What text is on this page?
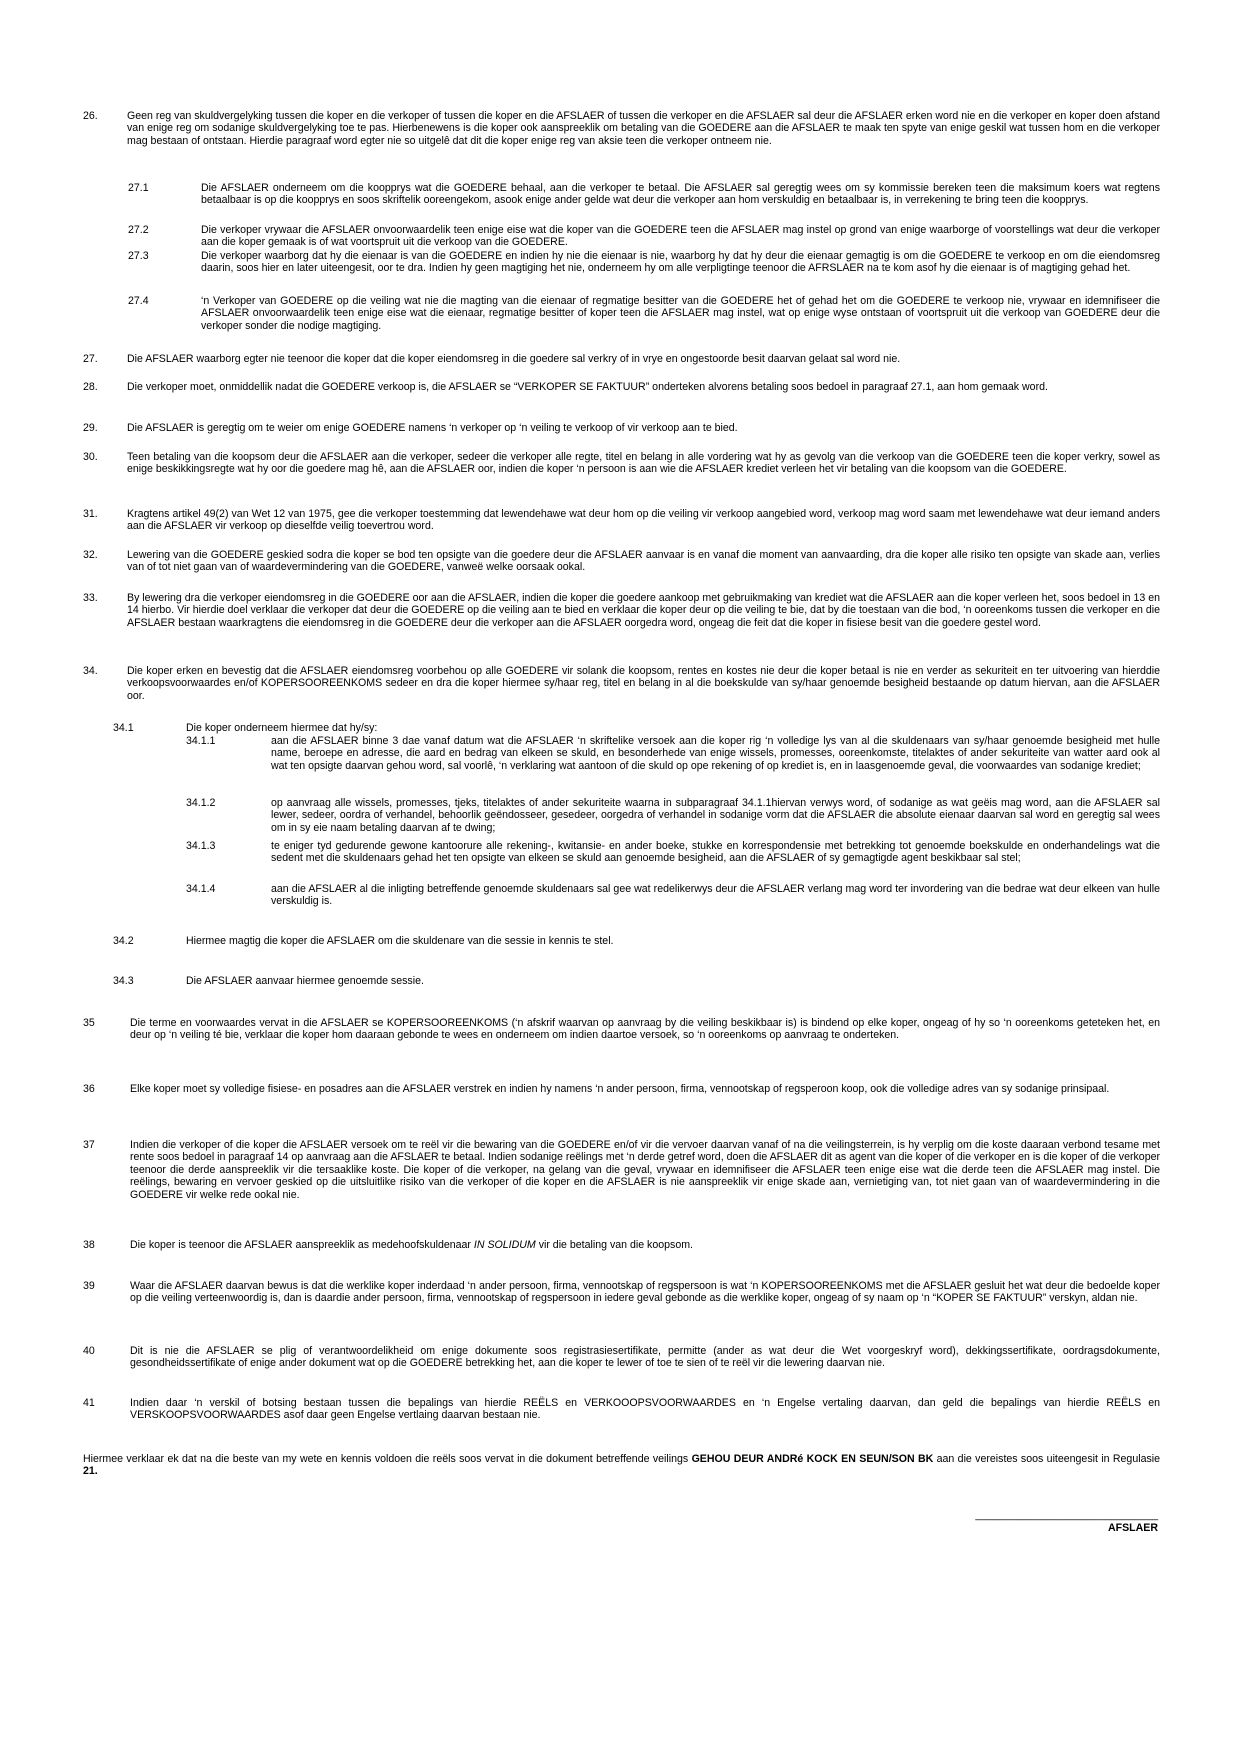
26.	Geen reg van skuldvergelyking tussen die koper en die verkoper of tussen die koper en die AFSLAER of tussen die verkoper en die AFSLAER sal deur die AFSLAER erken word nie en die verkoper en koper doen afstand van enige reg om sodanige skuldvergelyking toe te pas. Hierbenewens is die koper ook aanspreeklik om betaling van die GOEDERE aan die AFSLAER te maak ten spyte van enige geskil wat tussen hom en die verkoper mag bestaan of ontstaan. Hierdie paragraaf word egter nie so uitgelê dat dit die koper enige reg van aksie teen die verkoper ontneem nie.
27.1	Die AFSLAER onderneem om die koopprys wat die GOEDERE behaal, aan die verkoper te betaal. Die AFSLAER sal geregtig wees om sy kommissie bereken teen die maksimum koers wat regtens betaalbaar is op die koopprys en soos skriftelik ooreengekom, asook enige ander gelde wat deur die verkoper aan hom verskuldig en betaalbaar is, in verrekening te bring teen die koopprys.
27.2	Die verkoper vrywaar die AFSLAER onvoorwaardelik teen enige eise wat die koper van die GOEDERE teen die AFSLAER mag instel op grond van enige waarborge of voorstellings wat deur die verkoper aan die koper gemaak is of wat voortspruit uit die verkoop van die GOEDERE.
27.3	Die verkoper waarborg dat hy die eienaar is van die GOEDERE en indien hy nie die eienaar is nie, waarborg hy dat hy deur die eienaar gemagtig is om die GOEDERE te verkoop en om die eiendomsreg daarin, soos hier en later uiteengesit, oor te dra. Indien hy geen magtiging het nie, onderneem hy om alle verpligtinge teenoor die AFRSLAER na te kom asof hy die eienaar is of magtiging gehad het.
27.4	‘n Verkoper van GOEDERE op die veiling wat nie die magting van die eienaar of regmatige besitter van die GOEDERE het of gehad het om die GOEDERE te verkoop nie, vrywaar en idemnifiseer die AFSLAER onvoorwaardelik teen enige eise wat die eienaar, regmatige besitter of koper teen die AFSLAER mag instel, wat op enige wyse ontstaan of voortspruit uit die verkoop van GOEDERE deur die verkoper sonder die nodige magtiging.
27.	Die AFSLAER waarborg egter nie teenoor die koper dat die koper eiendomsreg in die goedere sal verkry of in vrye en ongestoorde besit daarvan gelaat sal word nie.
28.	Die verkoper moet, onmiddellik nadat die GOEDERE verkoop is, die AFSLAER se “VERKOPER SE FAKTUUR” onderteken alvorens betaling soos bedoel in paragraaf 27.1, aan hom gemaak word.
29.	Die AFSLAER is geregtig om te weier om enige GOEDERE namens ‘n verkoper op ‘n veiling te verkoop of vir verkoop aan te bied.
30.	Teen betaling van die koopsom deur die AFSLAER aan die verkoper, sedeer die verkoper alle regte, titel en belang in alle vordering wat hy as gevolg van die verkoop van die GOEDERE teen die koper verkry, sowel as enige beskikkingsregte wat hy oor die goedere mag hê, aan die AFSLAER oor, indien die koper ‘n persoon is aan wie die AFSLAER krediet verleen het vir betaling van die koopsom van die GOEDERE.
31.	Kragtens artikel 49(2) van Wet 12 van 1975, gee die verkoper toestemming dat lewendehawe wat deur hom op die veiling vir verkoop aangebied word, verkoop mag word saam met lewendehawe wat deur iemand anders aan die AFSLAER vir verkoop op dieselfde veilig toevertrou word.
32.	Lewering van die GOEDERE geskied sodra die koper se bod ten opsigte van die goedere deur die AFSLAER aanvaar is en vanaf die moment van aanvaarding, dra die koper alle risiko ten opsigte van skade aan, verlies van of tot niet gaan van of waardevermindering van die GOEDERE, vanweë welke oorsaak ookal.
33.	By lewering dra die verkoper eiendomsreg in die GOEDERE oor aan die AFSLAER, indien die koper die goedere aankoop met gebruikmaking van krediet wat die AFSLAER aan die koper verleen het, soos bedoel in 13 en 14 hierbo. Vir hierdie doel verklaar die verkoper dat deur die GOEDERE op die veiling aan te bied en verklaar die koper deur op die veiling te bie, dat by die toestaan van die bod, ‘n ooreenkoms tussen die verkoper en die AFSLAER bestaan waarkragtens die eiendomsreg in die GOEDERE deur die verkoper aan die AFSLAER oorgedra word, ongeag die feit dat die koper in fisiese besit van die goedere gestel word.
34.	Die koper erken en bevestig dat die AFSLAER eiendomsreg voorbehou op alle GOEDERE vir solank die koopsom, rentes en kostes nie deur die koper betaal is nie en verder as sekuriteit en ter uitvoering van hierddie verkoopsvoorwaardes en/of KOPERSOOREENKOMS sedeer en dra die koper hiermee sy/haar reg, titel en belang in al die boekskulde van sy/haar genoemde besigheid bestaande op datum hiervan, aan die AFSLAER oor.
34.1	Die koper onderneem hiermee dat hy/sy:
34.1.1	aan die AFSLAER binne 3 dae vanaf datum wat die AFSLAER ‘n skriftelike versoek aan die koper rig ‘n volledige lys van al die skuldenaars van sy/haar genoemde besigheid met hulle name, beroepe en adresse, die aard en bedrag van elkeen se skuld, en besonderhede van enige wissels, promesses, ooreenkomste, titelaktes of ander sekuriteite van watter aard ook al wat ten opsigte daarvan gehou word, sal voorlê, ‘n verklaring wat aantoon of die skuld op ope rekening of op krediet is, en in laasgenoemde geval, die voorwaardes van sodanige krediet;
34.1.2	op aanvraag alle wissels, promesses, tjeks, titelaktes of ander sekuriteite waarna in subparagraaf 34.1.1hiervan verwys word, of sodanige as wat geëis mag word, aan die AFSLAER sal lewer, sedeer, oordra of verhandel, behoorlik geëndosseer, gesedeer, oorgedra of verhandel in sodanige vorm dat die AFSLAER die absolute eienaar daarvan sal word en geregtig sal wees om in sy eie naam betaling daarvan af te dwing;
34.1.3	te eniger tyd gedurende gewone kantoorure alle rekening-, kwitansie- en ander boeke, stukke en korrespondensie met betrekking tot genoemde boekskulde en onderhandelings wat die sedent met die skuldenaars gehad het ten opsigte van elkeen se skuld aan genoemde besigheid, aan die AFSLAER of sy gemagtigde agent beskikbaar sal stel;
34.1.4	aan die AFSLAER al die inligting betreffende genoemde skuldenaars sal gee wat redelikerwys deur die AFSLAER verlang mag word ter invordering van die bedrae wat deur elkeen van hulle verskuldig is.
34.2	Hiermee magtig die koper die AFSLAER om die skuldenare van die sessie in kennis te stel.
34.3	Die AFSLAER aanvaar hiermee genoemde sessie.
35	Die terme en voorwaardes vervat in die AFSLAER se KOPERSOOREENKOMS (‘n afskrif waarvan op aanvraag by die veiling beskikbaar is) is bindend op elke koper, ongeag of hy so ‘n ooreenkoms geteteken het, en deur op ‘n veiling té bie, verklaar die koper hom daaraan gebonde te wees en onderneem om indien daartoe versoek, so ‘n ooreenkoms op aanvraag te onderteken.
36	Elke koper moet sy volledige fisiese- en posadres aan die AFSLAER verstrek en indien hy namens ‘n ander persoon, firma, vennootskap of regsperoon koop, ook die volledige adres van sy sodanige prinsipaal.
37	Indien die verkoper of die koper die AFSLAER versoek om te reël vir die bewaring van die GOEDERE en/of vir die vervoer daarvan vanaf of na die veilingsterrein, is hy verplig om die koste daaraan verbond tesame met rente soos bedoel in paragraaf 14 op aanvraag aan die AFSLAER te betaal. Indien sodanige reëlings met ‘n derde getref word, doen die AFSLAER dit as agent van die koper of die verkoper en is die koper of die verkoper teenoor die derde aanspreeklik vir die tersaaklike koste. Die koper of die verkoper, na gelang van die geval, vrywaar en idemnifiseer die AFSLAER teen enige eise wat die derde teen die AFSLAER mag instel. Die reëlings, bewaring en vervoer geskied op die uitsluitlike risiko van die verkoper of die koper en die AFSLAER is nie aanspreeklik vir enige skade aan, vernietiging van, tot niet gaan van of waardevermindering in die GOEDERE vir welke rede ookal nie.
38	Die koper is teenoor die AFSLAER aanspreeklik as medehoofskuldenaar IN SOLIDUM vir die betaling van die koopsom.
39	Waar die AFSLAER daarvan bewus is dat die werklike koper inderdaad ‘n ander persoon, firma, vennootskap of regspersoon is wat ‘n KOPERSOOREENKOMS met die AFSLAER gesluit het wat deur die bedoelde koper op die veiling verteenwoordig is, dan is daardie ander persoon, firma, vennootskap of regspersoon in iedere geval gebonde as die werklike koper, ongeag of sy naam op ‘n “KOPER SE FAKTUUR” verskyn, aldan nie.
40	Dit is nie die AFSLAER se plig of verantwoordelikheid om enige dokumente soos registrasiesertifikate, permitte (ander as wat deur die Wet voorgeskryf word), dekkingssertifikate, oordragsdokumente, gesondheidssertifikate of enige ander dokument wat op die GOEDERE betrekking het, aan die koper te lewer of toe te sien of te reël vir die lewering daarvan nie.
41	Indien daar ‘n verskil of botsing bestaan tussen die bepalings van hierdie REËLS en VERKOOOPSVOORWAARDES en ‘n Engelse vertaling daarvan, dan geld die bepalings van hierdie REËLS en VERSKOOPSVOORWAARDES asof daar geen Engelse vertlaing daarvan bestaan nie.
Hiermee verklaar ek dat na die beste van my wete en kennis voldoen die reëls soos vervat in die dokument betreffende veilings GEHOU DEUR ANDRé KOCK EN SEUN/SON BK aan die vereistes soos uiteengesit in Regulasie 21.
_______________________________
AFSLAER
